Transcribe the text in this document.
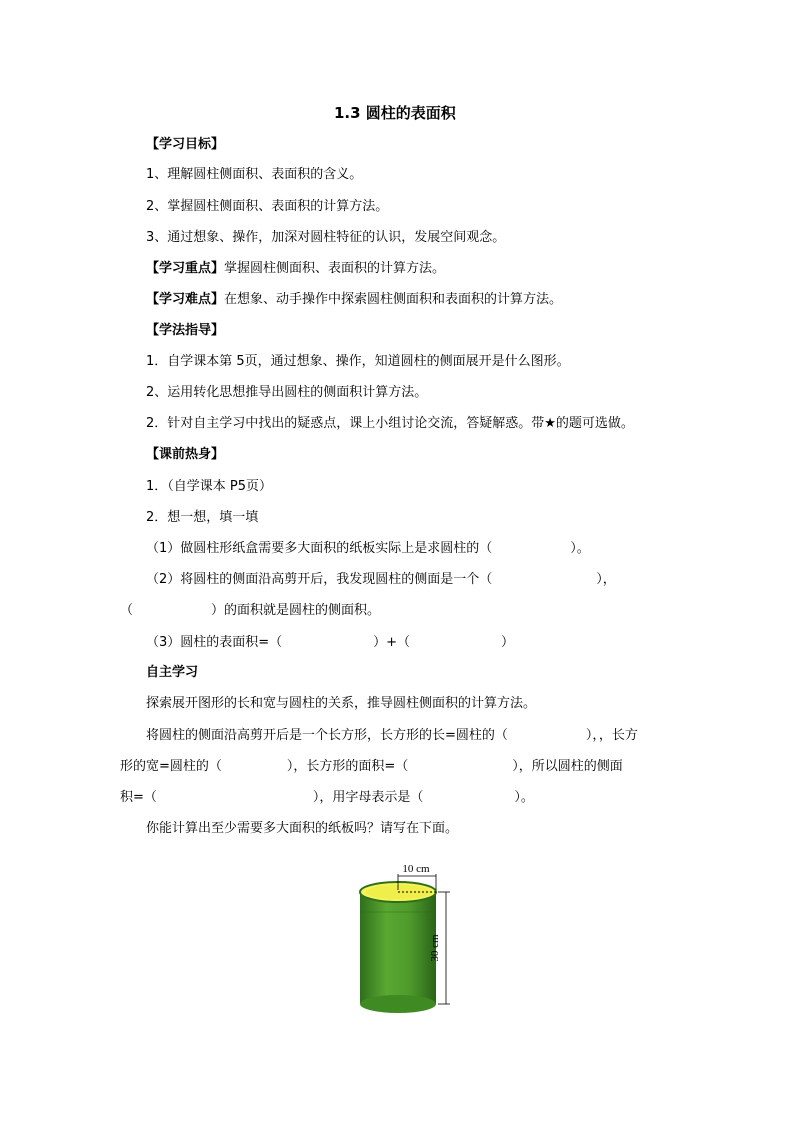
1.3 圆柱的表面积
【学习目标】
1、理解圆柱侧面积、表面积的含义。
2、掌握圆柱侧面积、表面积的计算方法。
3、通过想象、操作，加深对圆柱特征的认识，发展空间观念。
【学习重点】掌握圆柱侧面积、表面积的计算方法。
【学习难点】在想象、动手操作中探索圆柱侧面积和表面积的计算方法。
【学法指导】
1．自学课本第 5页，通过想象、操作，知道圆柱的侧面展开是什么图形。
2、运用转化思想推导出圆柱的侧面积计算方法。
2．针对自主学习中找出的疑惑点，课上小组讨论交流，答疑解惑。带★的题可选做。
【课前热身】
1．（自学课本 P5页）
2．想一想，填一填
（1）做圆柱形纸盒需要多大面积的纸板实际上是求圆柱的（　　　　　　）。
（2）将圆柱的侧面沿高剪开后，我发现圆柱的侧面是一个（　　　　　　　　），
（　　　　　　）的面积就是圆柱的侧面积。
（3）圆柱的表面积=（　　　　　　　）+（　　　　　　　）
自主学习
探索展开图形的长和宽与圆柱的关系，推导圆柱侧面积的计算方法。
将圆柱的侧面沿高剪开后是一个长方形，长方形的长=圆柱的（　　　　　　），，长方
形的宽=圆柱的（　　　　　），长方形的面积=（　　　　　　　　），所以圆柱的侧面
积=（　　　　　　　　　　　　），用字母表示是（　　　　　　　）。
你能计算出至少需要多大面积的纸板吗？请写在下面。
10 cm
30 cm
